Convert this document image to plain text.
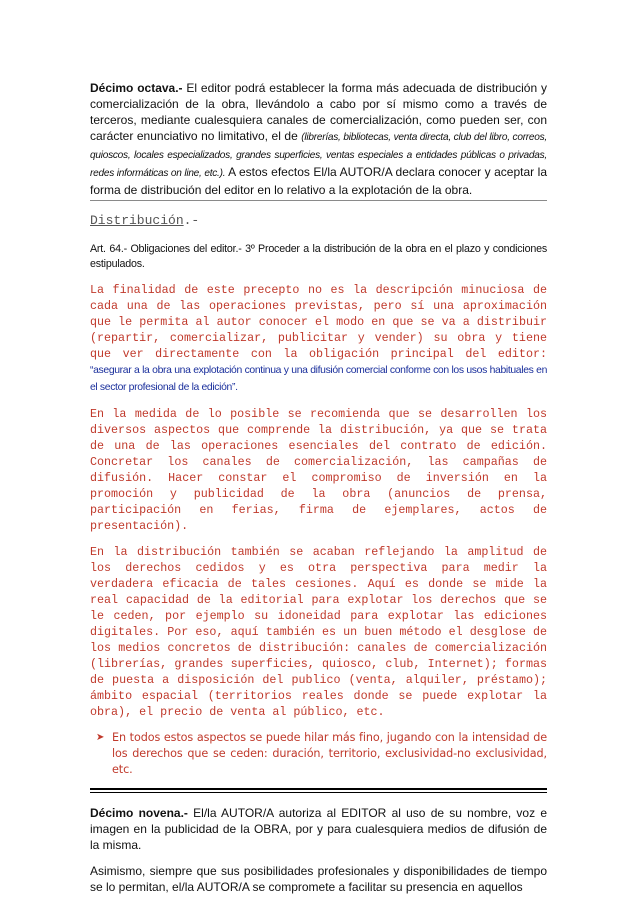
Décimo octava.- El editor podrá establecer la forma más adecuada de distribución y comercialización de la obra, llevándolo a cabo por sí mismo como a través de terceros, mediante cualesquiera canales de comercialización, como pueden ser, con carácter enunciativo no limitativo, el de (librerías, bibliotecas, venta directa, club del libro, correos, quioscos, locales especializados, grandes superficies, ventas especiales a entidades públicas o privadas, redes informáticas on line, etc.). A estos efectos El/la AUTOR/A declara conocer y aceptar la forma de distribución del editor en lo relativo a la explotación de la obra.

Distribución.-

Art. 64.- Obligaciones del editor.- 3º Proceder a la distribución de la obra en el plazo y condiciones estipulados.

La finalidad de este precepto no es la descripción minuciosa de cada una de las operaciones previstas, pero sí una aproximación que le permita al autor conocer el modo en que se va a distribuir (repartir, comercializar, publicitar y vender) su obra y tiene que ver directamente con la obligación principal del editor: “asegurar a la obra una explotación continua y una difusión comercial conforme con los usos habituales en el sector profesional de la edición”.

En la medida de lo posible se recomienda que se desarrollen los diversos aspectos que comprende la distribución, ya que se trata de una de las operaciones esenciales del contrato de edición. Concretar los canales de comercialización, las campañas de difusión. Hacer constar el compromiso de inversión en la promoción y publicidad de la obra (anuncios de prensa, participación en ferias, firma de ejemplares, actos de presentación).

En la distribución también se acaban reflejando la amplitud de los derechos cedidos y es otra perspectiva para medir la verdadera eficacia de tales cesiones. Aquí es donde se mide la real capacidad de la editorial para explotar los derechos que se le ceden, por ejemplo su idoneidad para explotar las ediciones digitales. Por eso, aquí también es un buen método el desglose de los medios concretos de distribución: canales de comercialización (librerías, grandes superficies, quiosco, club, Internet); formas de puesta a disposición del publico (venta, alquiler, préstamo); ámbito espacial (territorios reales donde se puede explotar la obra), el precio de venta al público, etc.

➤ En todos estos aspectos se puede hilar más fino, jugando con la intensidad de los derechos que se ceden: duración, territorio, exclusividad-no exclusividad, etc.

Décimo novena.- El/la AUTOR/A autoriza al EDITOR al uso de su nombre, voz e imagen en la publicidad de la OBRA, por y para cualesquiera medios de difusión de la misma.

Asimismo, siempre que sus posibilidades profesionales y disponibilidades de tiempo se lo permitan, el/la AUTOR/A se compromete a facilitar su presencia en aquellos
